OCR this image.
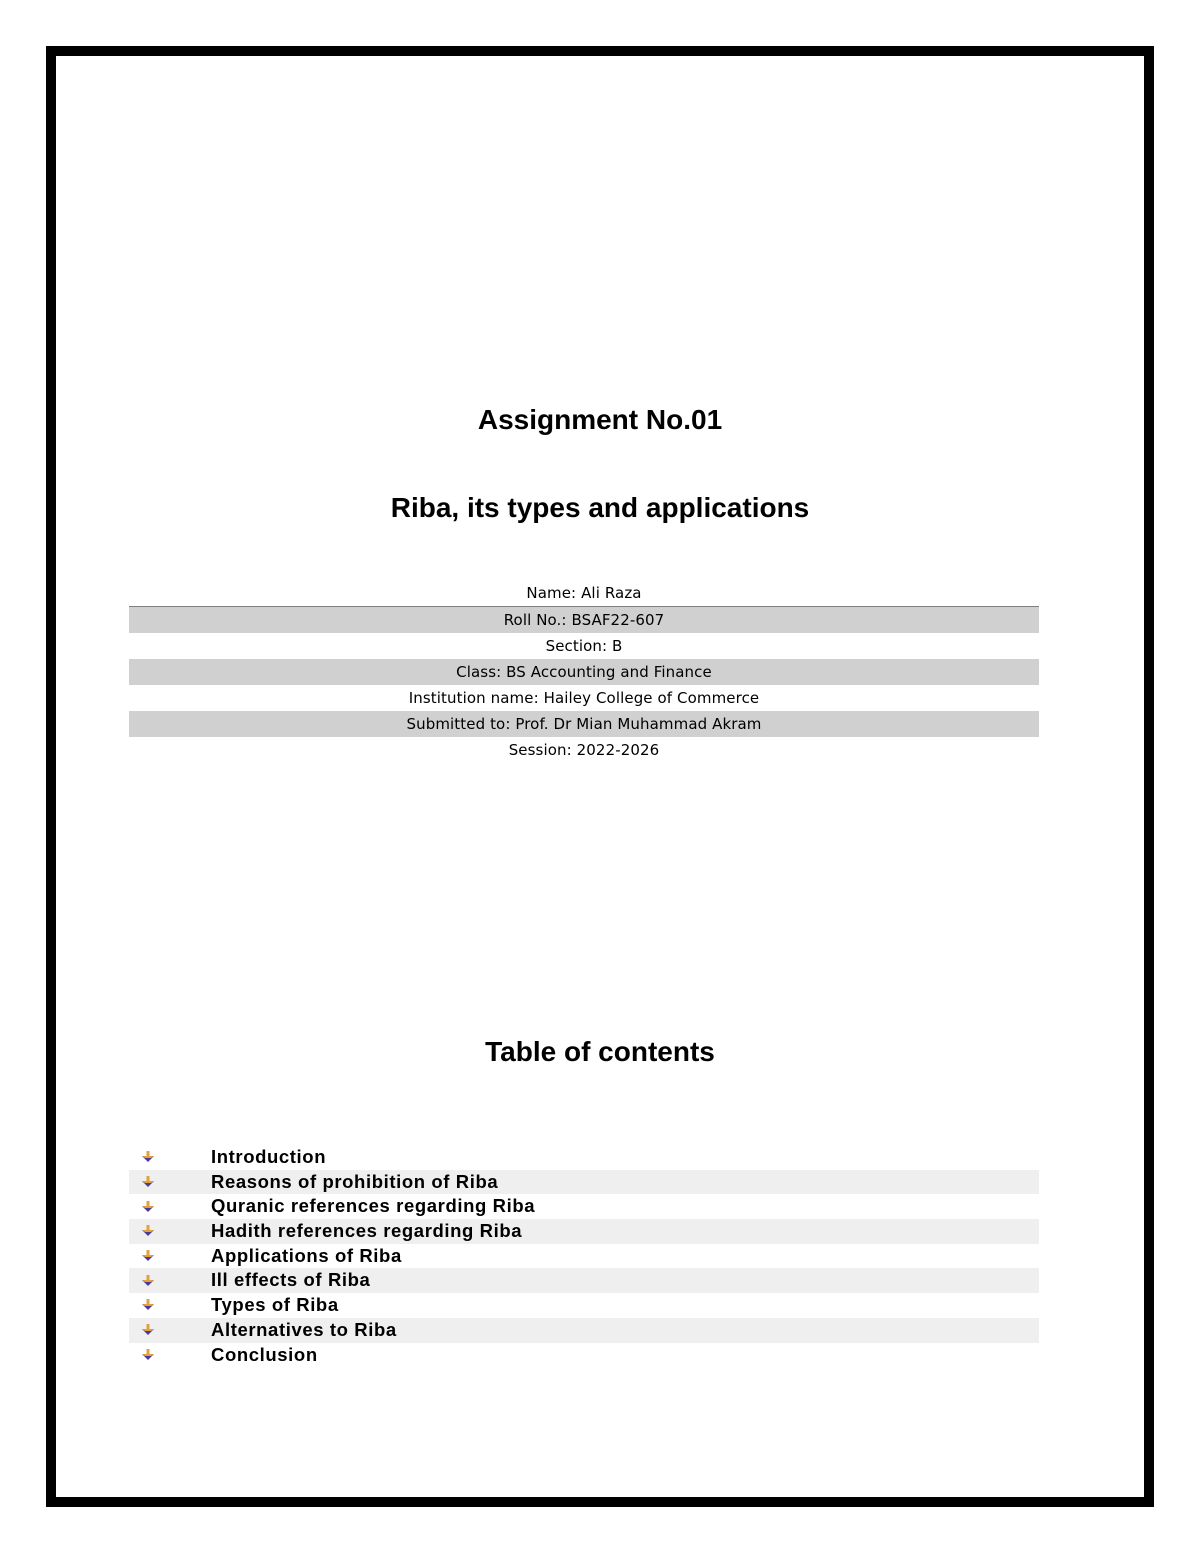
Assignment No.01
Riba, its types and applications
Name: Ali Raza
Roll No.: BSAF22-607
Section: B
Class: BS Accounting and Finance
Institution name: Hailey College of Commerce
Submitted to: Prof. Dr Mian Muhammad Akram
Session: 2022-2026
Table of contents
Introduction
Reasons of prohibition of Riba
Quranic references regarding Riba
Hadith references regarding Riba
Applications of Riba
Ill effects of Riba
Types of Riba
Alternatives to Riba
Conclusion
